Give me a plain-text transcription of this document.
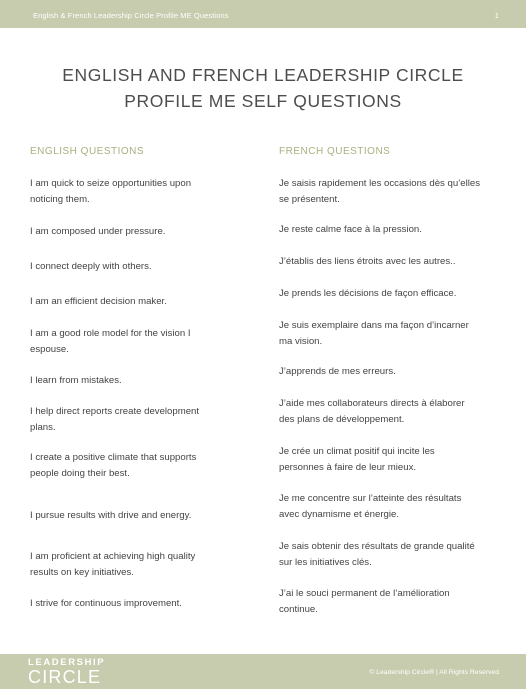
English & French Leadership Circle Profile ME Questions	1
ENGLISH AND FRENCH LEADERSHIP CIRCLE
PROFILE ME SELF QUESTIONS
ENGLISH QUESTIONS
I am quick to seize opportunities upon
noticing them.
I am composed under pressure.
I connect deeply with others.
I am an efficient decision maker.
I am a good role model for the vision I
espouse.
I learn from mistakes.
I help direct reports create development
plans.
I create a positive climate that supports
people doing their best.
I pursue results with drive and energy.
I am proficient at achieving high quality
results on key initiatives.
I strive for continuous improvement.
FRENCH QUESTIONS
Je saisis rapidement les occasions dès qu’elles
se présentent.
Je reste calme face à la pression.
J’établis des liens étroits avec les autres..
Je prends les décisions de façon efficace.
Je suis exemplaire dans ma façon d’incarner
ma vision.
J’apprends de mes erreurs.
J’aide mes collaborateurs directs à élaborer
des plans de développement.
Je crée un climat positif qui incite les
personnes à faire de leur mieux.
Je me concentre sur l’atteinte des résultats
avec dynamisme et énergie.
Je sais obtenir des résultats de grande qualité
sur les initiatives clés.
J’ai le souci permanent de l’amélioration
continue.
LEADERSHIP
CIRCLE	© Leadership Circle® | All Rights Reserved
